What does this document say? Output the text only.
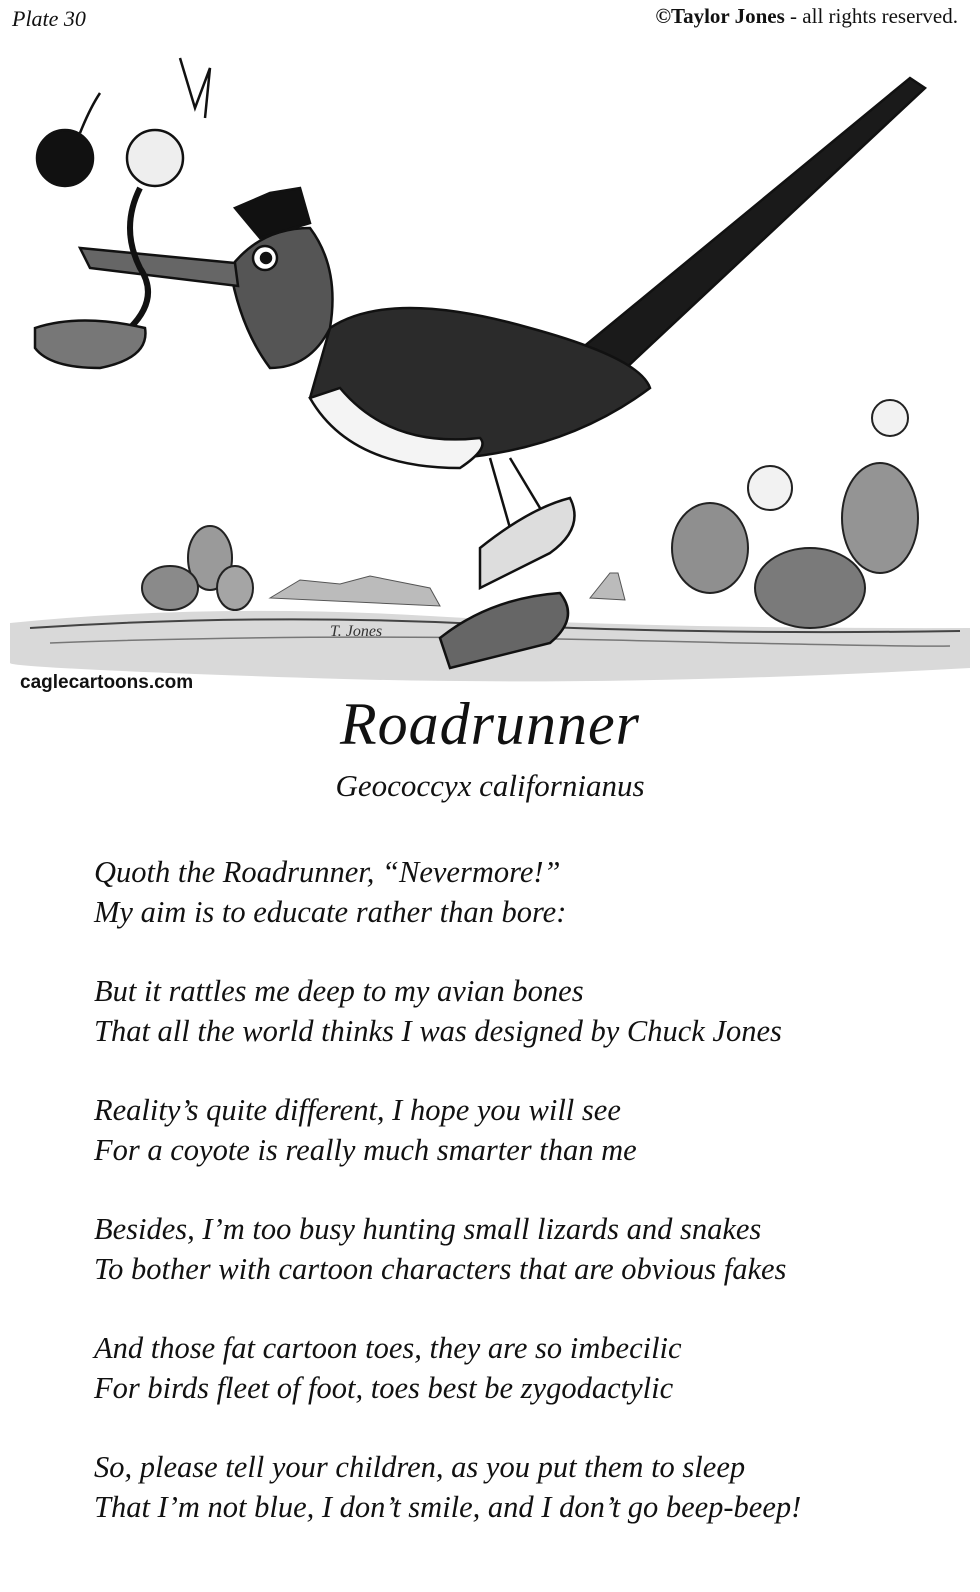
Plate 30	©Taylor Jones - all rights reserved.
T. Jones
caglecartoons.com
Roadrunner
Geococcyx californianus
Quoth the Roadrunner, “Nevermore!”
My aim is to educate rather than bore:
But it rattles me deep to my avian bones
That all the world thinks I was designed by Chuck Jones
Reality’s quite different, I hope you will see
For a coyote is really much smarter than me
Besides, I’m too busy hunting small lizards and snakes
To bother with cartoon characters that are obvious fakes
And those fat cartoon toes, they are so imbecilic
For birds fleet of foot, toes best be zygodactylic
So, please tell your children, as you put them to sleep
That I’m not blue, I don’t smile, and I don’t go beep-beep!
